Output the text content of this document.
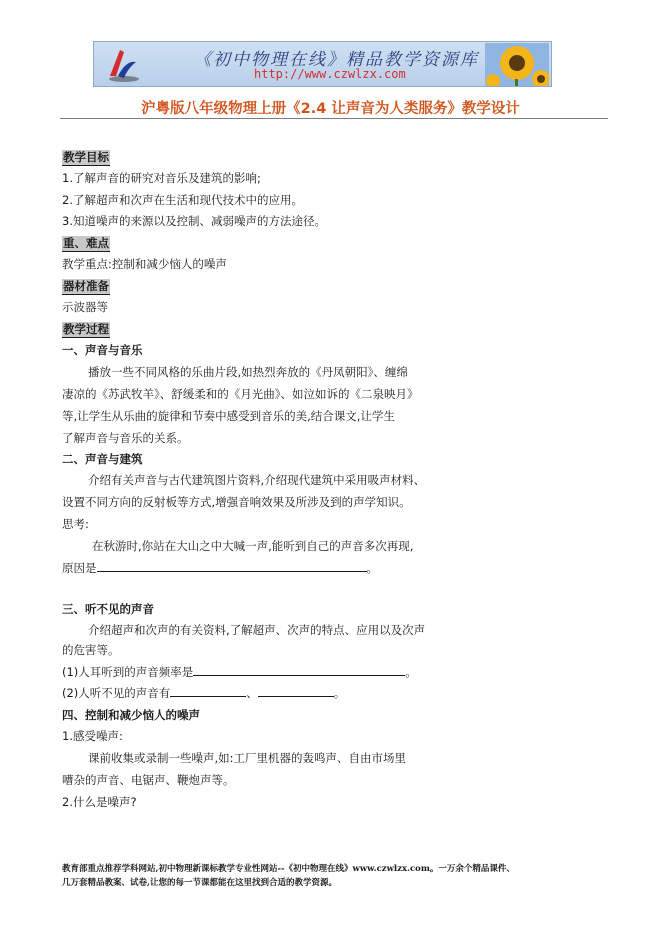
《初中物理在线》精品教学资源库
http://www.czwlzx.com
沪粤版八年级物理上册《2.4 让声音为人类服务》教学设计
教学目标
1.了解声音的研究对音乐及建筑的影响;
2.了解超声和次声在生活和现代技术中的应用。
3.知道噪声的来源以及控制、减弱噪声的方法途径。
重、难点
教学重点:控制和减少恼人的噪声
器材准备
示波器等
教学过程
一、声音与音乐
播放一些不同风格的乐曲片段,如热烈奔放的《丹凤朝阳》、缠绵
凄凉的《苏武牧羊》、舒缓柔和的《月光曲》、如泣如诉的《二泉映月》
等,让学生从乐曲的旋律和节奏中感受到音乐的美,结合课文,让学生
了解声音与音乐的关系。
二、声音与建筑
介绍有关声音与古代建筑图片资料,介绍现代建筑中采用吸声材料、
设置不同方向的反射板等方式,增强音响效果及所涉及到的声学知识。
思考:
在秋游时,你站在大山之中大喊一声,能听到自己的声音多次再现,
原因是	。
三、听不见的声音
介绍超声和次声的有关资料,了解超声、次声的特点、应用以及次声
的危害等。
(1)人耳听到的声音频率是	。
(2)人听不见的声音有	、	。
四、控制和减少恼人的噪声
1.感受噪声:
课前收集或录制一些噪声,如:工厂里机器的轰鸣声、自由市场里
嘈杂的声音、电锯声、鞭炮声等。
2.什么是噪声?
教育部重点推荐学科网站,初中物理新课标教学专业性网站--《初中物理在线》www.czwlzx.com。一万余个精品课件、
几万套精品教案、试卷,让您的每一节课都能在这里找到合适的教学资源。
